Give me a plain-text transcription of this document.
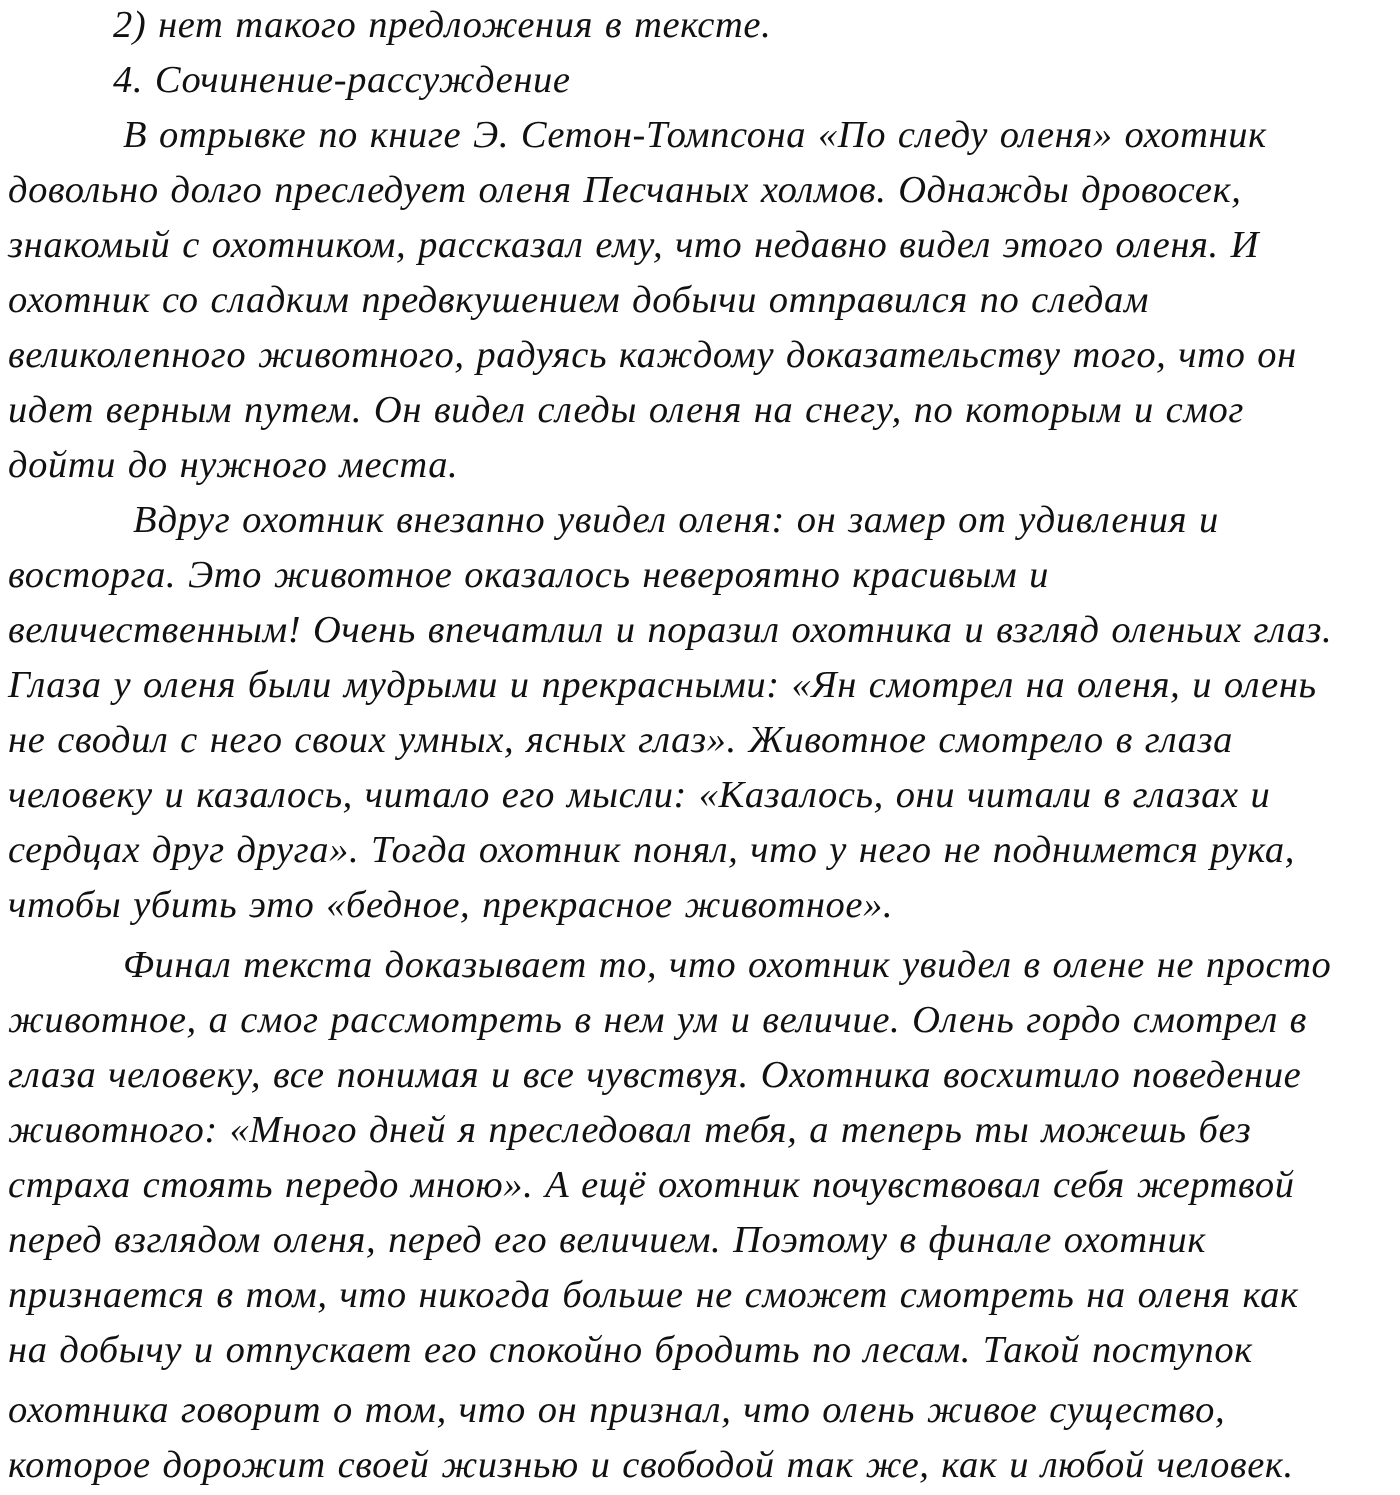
2) нет такого предложения в тексте.

4. Сочинение-рассуждение

В отрывке по книге Э. Сетон-Томпсона «По следу оленя» охотник

довольно долго преследует оленя Песчаных холмов. Однажды дровосек,

знакомый с охотником, рассказал ему, что недавно видел этого оленя. И

охотник со сладким предвкушением добычи отправился по следам

великолепного животного, радуясь каждому доказательству того, что он

идет верным путем. Он видел следы оленя на снегу, по которым и смог

дойти до нужного места.

Вдруг охотник внезапно увидел оленя: он замер от удивления и

восторга. Это животное оказалось невероятно красивым и

величественным! Очень впечатлил и поразил охотника и взгляд оленьих глаз.

Глаза у оленя были мудрыми и прекрасными: «Ян смотрел на оленя, и олень

не сводил с него своих умных, ясных глаз». Животное смотрело в глаза

человеку и казалось, читало его мысли: «Казалось, они читали в глазах и

сердцах друг друга». Тогда охотник понял, что у него не поднимется рука,

чтобы убить это «бедное, прекрасное животное».

Финал текста доказывает то, что охотник увидел в олене не просто

животное, а смог рассмотреть в нем ум и величие. Олень гордо смотрел в

глаза человеку, все понимая и все чувствуя. Охотника восхитило поведение

животного: «Много дней я преследовал тебя, а теперь ты можешь без

страха стоять передо мною». А ещё охотник почувствовал себя жертвой

перед взглядом оленя, перед его величием. Поэтому в финале охотник

признается в том, что никогда больше не сможет смотреть на оленя как

на добычу и отпускает его спокойно бродить по лесам. Такой поступок

охотника говорит о том, что он признал, что олень живое существо,

которое дорожит своей жизнью и свободой так же, как и любой человек.
